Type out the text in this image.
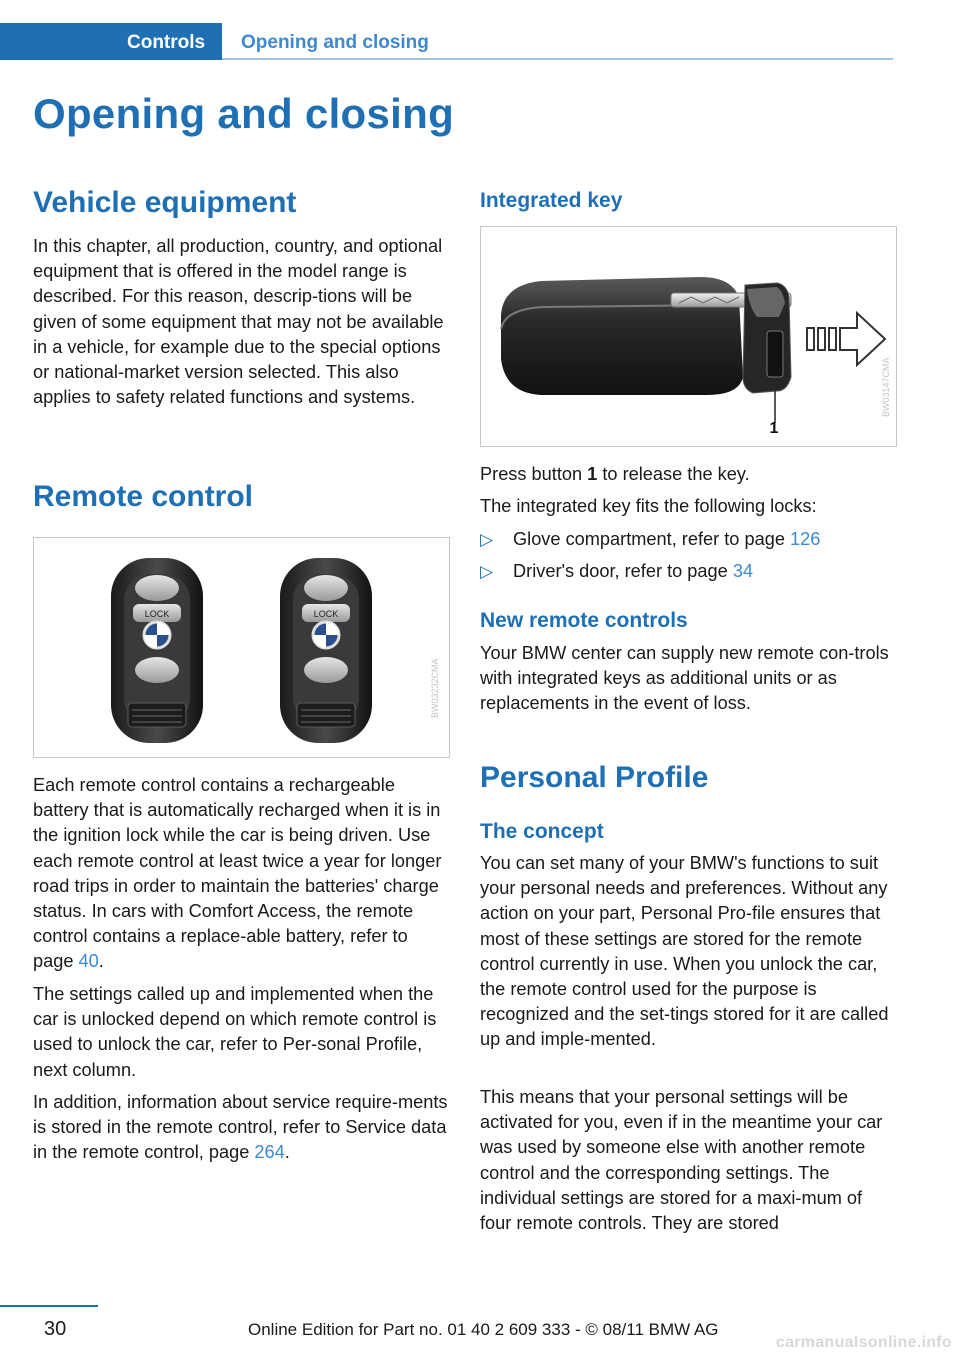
Controls Opening and closing
Opening and closing
Vehicle equipment

In this chapter, all production, country, and optional equipment that is offered in the model range is described. For this reason, descrip-tions will be given of some equipment that may not be available in a vehicle, for example due to the special options or national-market version selected. This also applies to safety related functions and systems.

Remote control
LOCK	LOCK
BW03232CMA

Each remote control contains a rechargeable battery that is automatically recharged when it is in the ignition lock while the car is being driven. Use each remote control at least twice a year for longer road trips in order to maintain the batteries' charge status. In cars with Comfort Access, the remote control contains a replace-able battery, refer to page 40.

The settings called up and implemented when the car is unlocked depend on which remote control is used to unlock the car, refer to Per-sonal Profile, next column.

In addition, information about service require-ments is stored in the remote control, refer to Service data in the remote control, page 264.

Integrated key
1
BW03147CMA

Press button 1 to release the key.

The integrated key fits the following locks:

▷ Glove compartment, refer to page 126
▷ Driver's door, refer to page 34
New remote controls

Your BMW center can supply new remote con-trols with integrated keys as additional units or as replacements in the event of loss.

Personal Profile
The concept

You can set many of your BMW's functions to suit your personal needs and preferences. Without any action on your part, Personal Pro-file ensures that most of these settings are stored for the remote control currently in use. When you unlock the car, the remote control used for the purpose is recognized and the set-tings stored for it are called up and imple-mented.

This means that your personal settings will be activated for you, even if in the meantime your car was used by someone else with another remote control and the corresponding settings. The individual settings are stored for a maxi-mum of four remote controls. They are stored

30	Online Edition for Part no. 01 40 2 609 333 - © 08/11 BMW AG
carmanualsonline.info
